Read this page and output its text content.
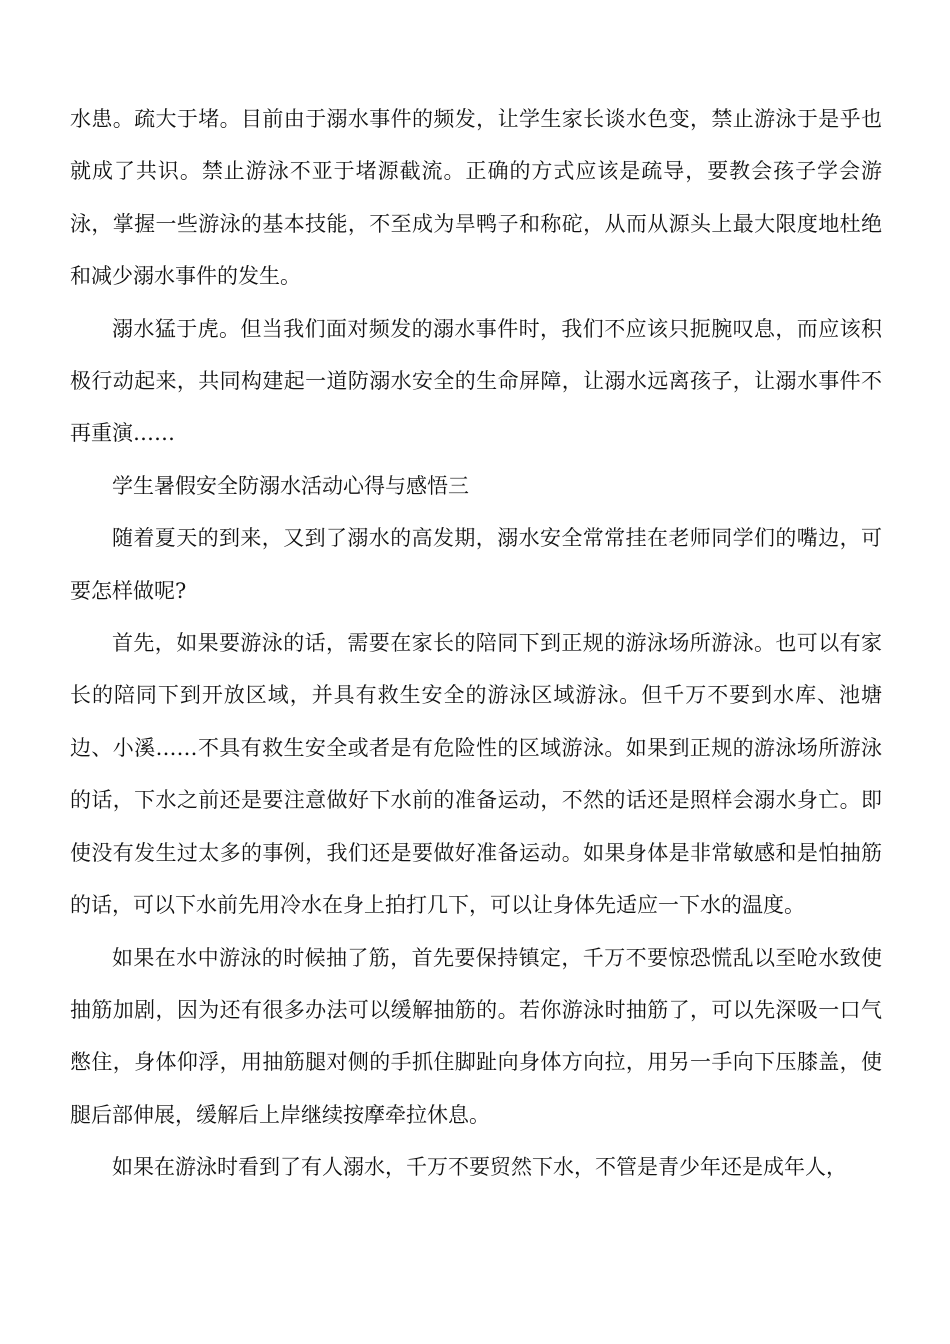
水患。疏大于堵。目前由于溺水事件的频发，让学生家长谈水色变，禁止游泳于是乎也就成了共识。禁止游泳不亚于堵源截流。正确的方式应该是疏导，要教会孩子学会游泳，掌握一些游泳的基本技能，不至成为旱鸭子和称砣，从而从源头上最大限度地杜绝和减少溺水事件的发生。

溺水猛于虎。但当我们面对频发的溺水事件时，我们不应该只扼腕叹息，而应该积极行动起来，共同构建起一道防溺水安全的生命屏障，让溺水远离孩子，让溺水事件不再重演……

学生暑假安全防溺水活动心得与感悟三

随着夏天的到来，又到了溺水的高发期，溺水安全常常挂在老师同学们的嘴边，可要怎样做呢?

首先，如果要游泳的话，需要在家长的陪同下到正规的游泳场所游泳。也可以有家长的陪同下到开放区域，并具有救生安全的游泳区域游泳。但千万不要到水库、池塘边、小溪……不具有救生安全或者是有危险性的区域游泳。如果到正规的游泳场所游泳的话，下水之前还是要注意做好下水前的准备运动，不然的话还是照样会溺水身亡。即使没有发生过太多的事例，我们还是要做好准备运动。如果身体是非常敏感和是怕抽筋的话，可以下水前先用冷水在身上拍打几下，可以让身体先适应一下水的温度。

如果在水中游泳的时候抽了筋，首先要保持镇定，千万不要惊恐慌乱以至呛水致使抽筋加剧，因为还有很多办法可以缓解抽筋的。若你游泳时抽筋了，可以先深吸一口气憋住，身体仰浮，用抽筋腿对侧的手抓住脚趾向身体方向拉，用另一手向下压膝盖，使腿后部伸展，缓解后上岸继续按摩牵拉休息。

如果在游泳时看到了有人溺水，千万不要贸然下水，不管是青少年还是成年人，
